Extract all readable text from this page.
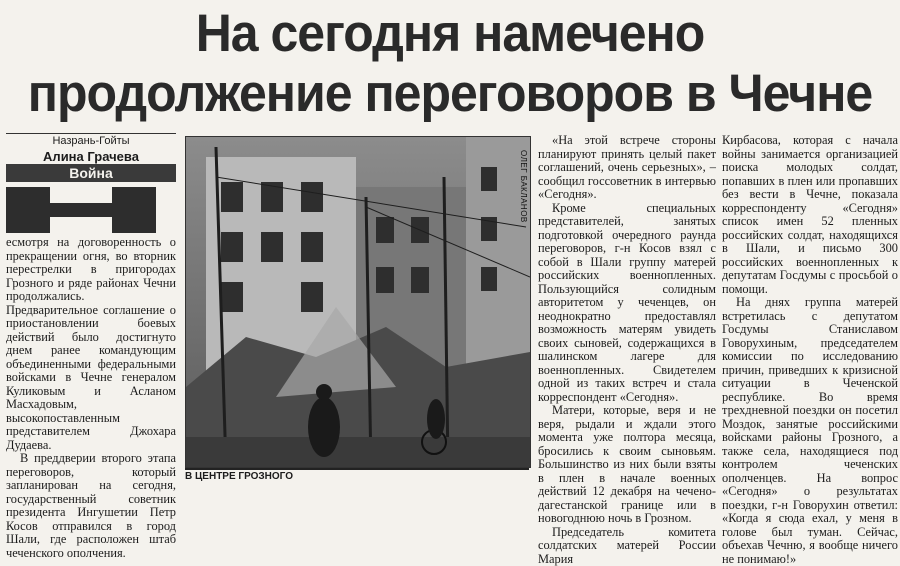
На сегодня намечено
продолжение переговоров в Чечне
Назрань-Гойты
Алина Грачева
Война

есмотря на договоренность о прекращении огня, во вторник перестрелки в пригородах Грозного и ряде районах Чечни продолжались. Предварительное соглашение о приостановлении боевых действий было достигнуто днем ранее командующим объединенными федеральными войсками в Чечне генералом Куликовым и Асланом Масхадовым, высокопоставленным представителем Джохара Дудаева.

В преддверии второго этапа переговоров, который запланирован на сегодня, государственный советник президента Ингушетии Петр Косов отправился в город Шали, где расположен штаб чеченского ополчения.

ОЛЕГ БАКЛАНОВ
В ЦЕНТРЕ ГРОЗНОГО

«На этой встрече стороны планируют принять целый пакет соглашений, очень серьезных», – сообщил госсоветник в интервью «Сегодня».

Кроме специальных представителей, занятых подготовкой очередного раунда переговоров, г-н Косов взял с собой в Шали группу матерей российских военнопленных. Пользующийся солидным авторитетом у чеченцев, он неоднократно предоставлял возможность матерям увидеть своих сыновей, содержащихся в шалинском лагере для военнопленных. Свидетелем одной из таких встреч и стала корреспондент «Сегодня».

Матери, которые, веря и не веря, рыдали и ждали этого момента уже полтора месяца, бросились к своим сыновьям. Большинство из них были взяты в плен в начале военных действий 12 декабря на чечено-дагестанской границе или в новогоднюю ночь в Грозном.

Председатель комитета солдатских матерей России Мария

Кирбасова, которая с начала войны занимается организацией поиска молодых солдат, попавших в плен или пропавших без вести в Чечне, показала корреспонденту «Сегодня» список имен 52 пленных российских солдат, находящихся в Шали, и письмо 300 российских военнопленных к депутатам Госдумы с просьбой о помощи.

На днях группа матерей встретилась с депутатом Госдумы Станиславом Говорухиным, председателем комиссии по исследованию причин, приведших к кризисной ситуации в Чеченской республике. Во время трехдневной поездки он посетил Моздок, занятые российскими войсками районы Грозного, а также села, находящиеся под контролем чеченских ополченцев. На вопрос «Сегодня» о результатах поездки, г-н Говорухин ответил: «Когда я сюда ехал, у меня в голове был туман. Сейчас, объехав Чечню, я вообще ничего не понимаю!»
